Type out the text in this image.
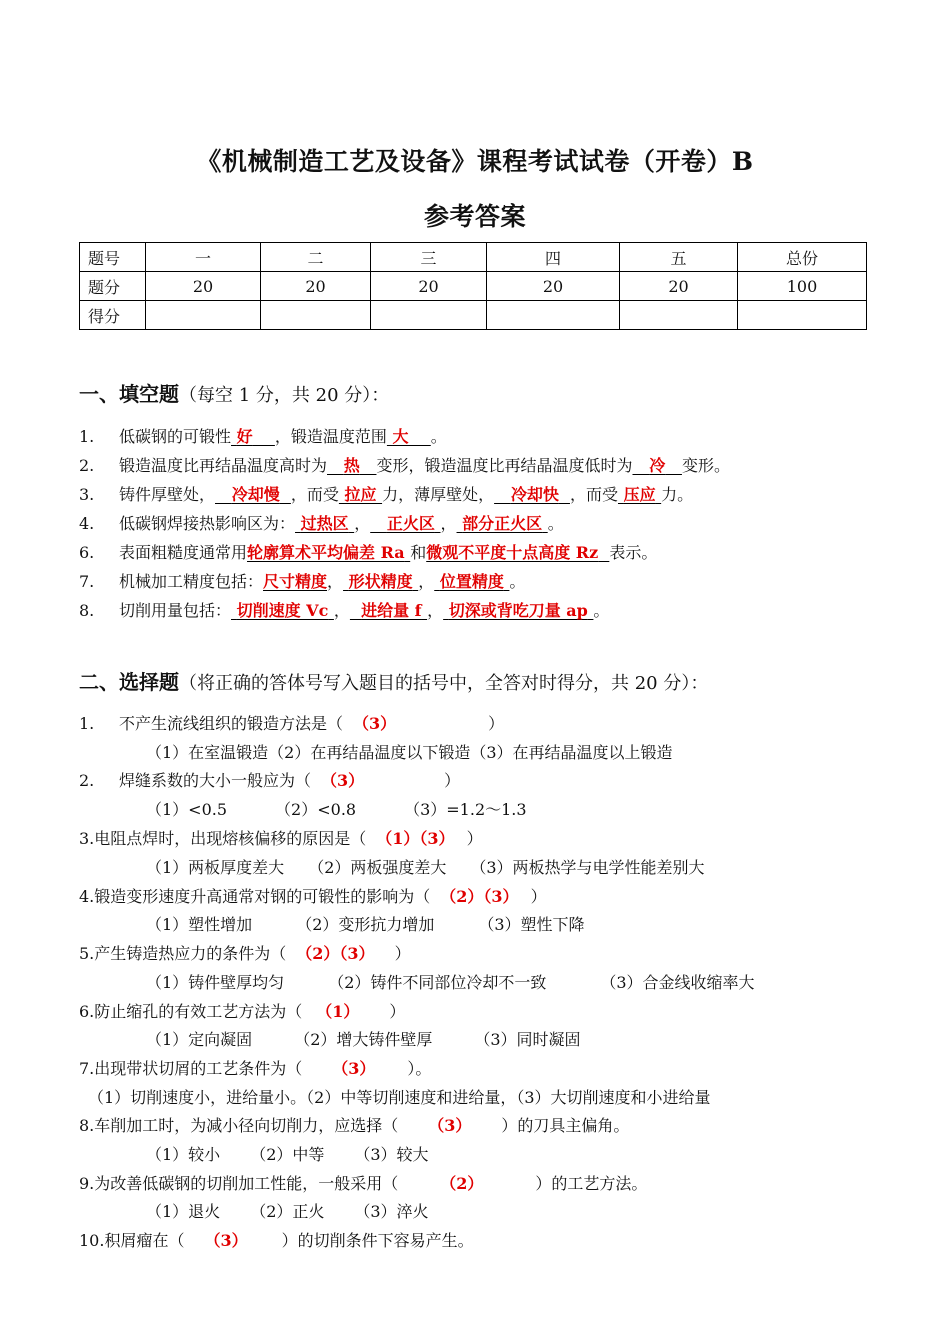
《机械制造工艺及设备》课程考试试卷（开卷）B
参考答案
题号	一	二	三	四	五	总份
题分	20	20	20	20	20	100
得分						
一、填空题（每空 1 分，共 20 分）：
1. 低碳钢的可锻性 好 ，锻造温度范围 大 。
2. 锻造温度比再结晶温度高时为 热 变形，锻造温度比再结晶温度低时为 冷 变形。
3. 铸件厚壁处， 冷却慢 ，而受 拉应 力，薄厚壁处， 冷却快 ，而受 压应 力。
4. 低碳钢焊接热影响区为： 过热区 ， 正火区 ， 部分正火区 。
6. 表面粗糙度通常用轮廓算术平均偏差 Ra 和微观不平度十点高度 Rz 表示。
7. 机械加工精度包括：尺寸精度， 形状精度 ， 位置精度 。
8. 切削用量包括： 切削速度 Vc ， 进给量 f ， 切深或背吃刀量 ap 。
二、选择题（将正确的答体号写入题目的括号中，全答对时得分，共 20 分）：
1. 不产生流线组织的锻造方法是（ （3）	）
（1）在室温锻造（2）在再结晶温度以下锻造（3）在再结晶温度以上锻造
2. 焊缝系数的大小一般应为（ （3）	）
（1）<0.5	（2）<0.8	（3）=1.2～1.3
3.电阻点焊时，出现熔核偏移的原因是（ （1）（3） ）
（1）两板厚度差大 （2）两板强度差大 （3）两板热学与电学性能差别大
4.锻造变形速度升高通常对钢的可锻性的影响为（ （2）（3） ）
（1）塑性增加	（2）变形抗力增加	（3）塑性下降
5.产生铸造热应力的条件为（ （2）（3） ）
（1）铸件壁厚均匀	（2）铸件不同部位冷却不一致	（3）合金线收缩率大
6.防止缩孔的有效工艺方法为（ （1） ）
（1）定向凝固	（2）增大铸件壁厚	（3）同时凝固
7.出现带状切屑的工艺条件为（ （3） ）。
（1）切削速度小，进给量小。（2）中等切削速度和进给量，（3）大切削速度和小进给量
8.车削加工时，为减小径向切削力，应选择（ （3） ）的刀具主偏角。
（1）较小 （2）中等 （3）较大
9.为改善低碳钢的切削加工性能，一般采用（	（2）	）的工艺方法。
（1）退火 （2）正火 （3）淬火
10.积屑瘤在（ （3） ）的切削条件下容易产生。
